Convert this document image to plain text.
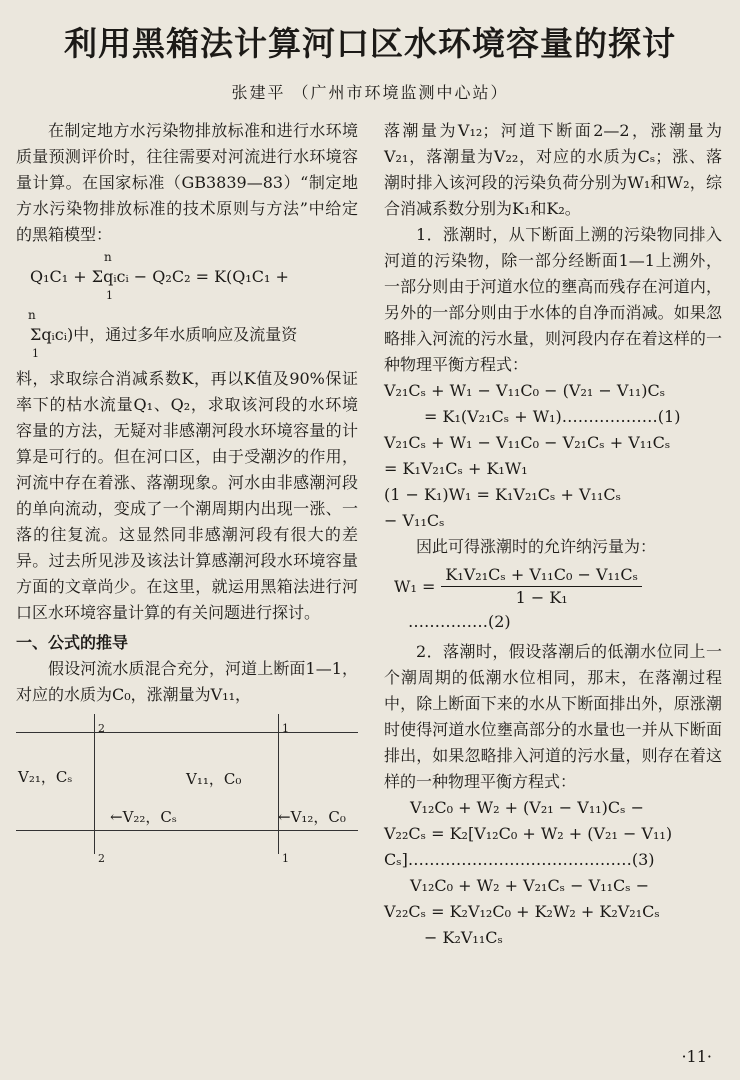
利用黑箱法计算河口区水环境容量的探讨
张建平 （广州市环境监测中心站）

在制定地方水污染物排放标准和进行水环境质量预测评价时，往往需要对河流进行水环境容量计算。在国家标准（GB3839—83）“制定地方水污染物排放标准的技术原则与方法”中给定的黑箱模型：

n
Q₁C₁ + Σqᵢcᵢ − Q₂C₂ = K(Q₁C₁ +
1
n
Σqᵢcᵢ)中，通过多年水质响应及流量资
1

料，求取综合消减系数K，再以K值及90%保证率下的枯水流量Q₁、Q₂，求取该河段的水环境容量的方法，无疑对非感潮河段水环境容量的计算是可行的。但在河口区，由于受潮汐的作用，河流中存在着涨、落潮现象。河水由非感潮河段的单向流动，变成了一个潮周期内出现一涨、一落的往复流。这显然同非感潮河段有很大的差异。过去所见涉及该法计算感潮河段水环境容量方面的文章尚少。在这里，就运用黑箱法进行河口区水环境容量计算的有关问题进行探讨。

一、公式的推导

假设河流水质混合充分，河道上断面1—1，对应的水质为C₀，涨潮量为V₁₁，

2	1
2	1
V₂₁，Cₛ	V₁₁，C₀
←V₂₂，Cₛ	←V₁₂，C₀

落潮量为V₁₂；河道下断面2—2，涨潮量为V₂₁，落潮量为V₂₂，对应的水质为Cₛ；涨、落潮时排入该河段的污染负荷分别为W₁和W₂，综合消减系数分别为K₁和K₂。

1．涨潮时，从下断面上溯的污染物同排入河道的污染物，除一部分经断面1—1上溯外，一部分则由于河道水位的壅高而残存在河道内，另外的一部分则由于水体的自净而消减。如果忽略排入河流的污水量，则河段内存在着这样的一种物理平衡方程式：

V₂₁Cₛ + W₁ − V₁₁C₀ − (V₂₁ − V₁₁)Cₛ
= K₁(V₂₁Cₛ + W₁)………………(1)
V₂₁Cₛ + W₁ − V₁₁C₀ − V₂₁Cₛ + V₁₁Cₛ
= K₁V₂₁Cₛ + K₁W₁
(1 − K₁)W₁ = K₁V₂₁Cₛ + V₁₁Cₛ
− V₁₁Cₛ

因此可得涨潮时的允许纳污量为：

$W_1 = \frac{\text{K₁V₂₁Cₛ + V₁₁C₀ − V₁₁Cₛ}}{\text{1 − K₁}}$
……………(2)

2．落潮时，假设落潮后的低潮水位同上一个潮周期的低潮水位相同，那末，在落潮过程中，除上断面下来的水从下断面排出外，原涨潮时使得河道水位壅高部分的水量也一并从下断面排出，如果忽略排入河道的污水量，则存在着这样的一种物理平衡方程式：

V₁₂C₀ + W₂ + (V₂₁ − V₁₁)Cₛ −
V₂₂Cₛ = K₂[V₁₂C₀ + W₂ + (V₂₁ − V₁₁)
Cₛ]……………………………………(3)
V₁₂C₀ + W₂ + V₂₁Cₛ − V₁₁Cₛ −
V₂₂Cₛ = K₂V₁₂C₀ + K₂W₂ + K₂V₂₁Cₛ
− K₂V₁₁Cₛ
·11·
